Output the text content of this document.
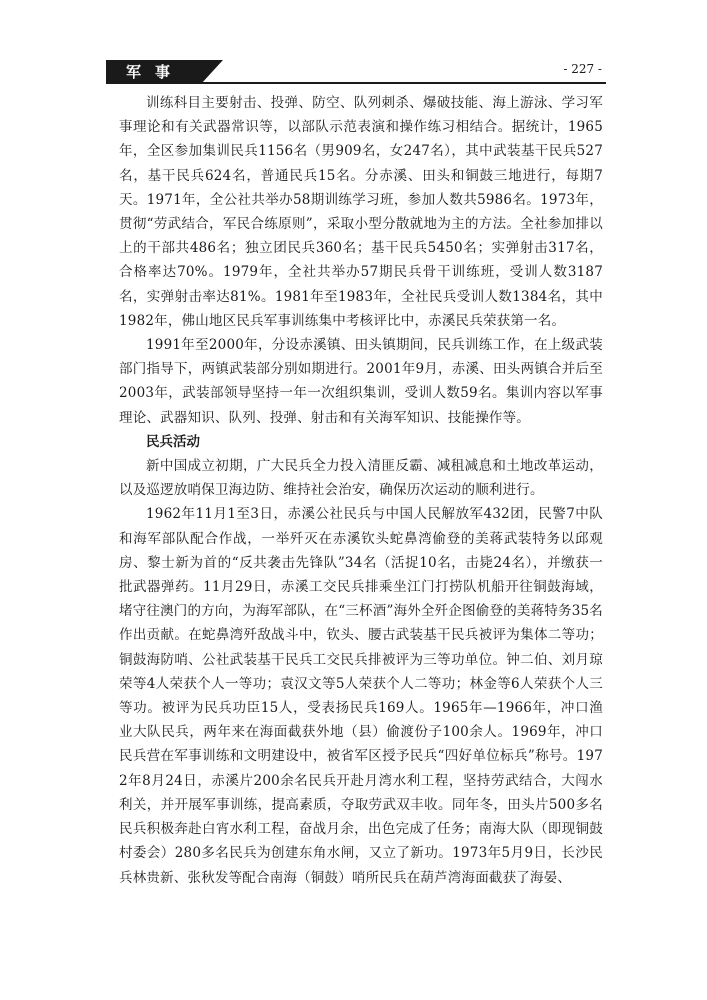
军事	- 227 -

训练科目主要射击、投弹、防空、队列刺杀、爆破技能、海上游泳、学习军事理论和有关武器常识等，以部队示范表演和操作练习相结合。据统计，1965年，全区参加集训民兵1156名（男909名，女247名），其中武装基干民兵527名，基干民兵624名，普通民兵15名。分赤溪、田头和铜鼓三地进行，每期7天。1971年，全公社共举办58期训练学习班，参加人数共5986名。1973年，贯彻“劳武结合，军民合练原则”，采取小型分散就地为主的方法。全社参加排以上的干部共486名；独立团民兵360名；基干民兵5450名；实弹射击317名，合格率达70%。1979年，全社共举办57期民兵骨干训练班，受训人数3187名，实弹射击率达81%。1981年至1983年，全社民兵受训人数1384名，其中1982年，佛山地区民兵军事训练集中考核评比中，赤溪民兵荣获第一名。

1991年至2000年，分设赤溪镇、田头镇期间，民兵训练工作，在上级武装部门指导下，两镇武装部分别如期进行。2001年9月，赤溪、田头两镇合并后至2003年，武装部领导坚持一年一次组织集训，受训人数59名。集训内容以军事理论、武器知识、队列、投弹、射击和有关海军知识、技能操作等。

民兵活动

新中国成立初期，广大民兵全力投入清匪反霸、减租减息和土地改革运动，以及巡逻放哨保卫海边防、维持社会治安，确保历次运动的顺利进行。

1962年11月1至3日，赤溪公社民兵与中国人民解放军432团，民警7中队和海军部队配合作战，一举歼灭在赤溪钦头蛇鼻湾偷登的美蒋武装特务以邱观房、黎士新为首的“反共袭击先锋队”34名（活捉10名，击毙24名），并缴获一批武器弹药。11月29日，赤溪工交民兵排乘坐江门打捞队机船开往铜鼓海域，堵守往澳门的方向，为海军部队，在“三杯酒”海外全歼企图偷登的美蒋特务35名作出贡献。在蛇鼻湾歼敌战斗中，钦头、腰古武装基干民兵被评为集体二等功；铜鼓海防哨、公社武装基干民兵工交民兵排被评为三等功单位。钟二伯、刘月琼荣等4人荣获个人一等功；袁汉文等5人荣获个人二等功；林金等6人荣获个人三等功。被评为民兵功臣15人，受表扬民兵169人。1965年—1966年，冲口渔业大队民兵，两年来在海面截获外地（县）偷渡份子100余人。1969年，冲口民兵营在军事训练和文明建设中，被省军区授予民兵“四好单位标兵”称号。1972年8月24日，赤溪片200余名民兵开赴月湾水利工程，坚持劳武结合，大闯水利关，并开展军事训练，提高素质，夺取劳武双丰收。同年冬，田头片500多名民兵积极奔赴白宵水利工程，奋战月余，出色完成了任务；南海大队（即现铜鼓村委会）280多名民兵为创建东角水闸，又立了新功。1973年5月9日，长沙民兵林贵新、张秋发等配合南海（铜鼓）哨所民兵在葫芦湾海面截获了海晏、
